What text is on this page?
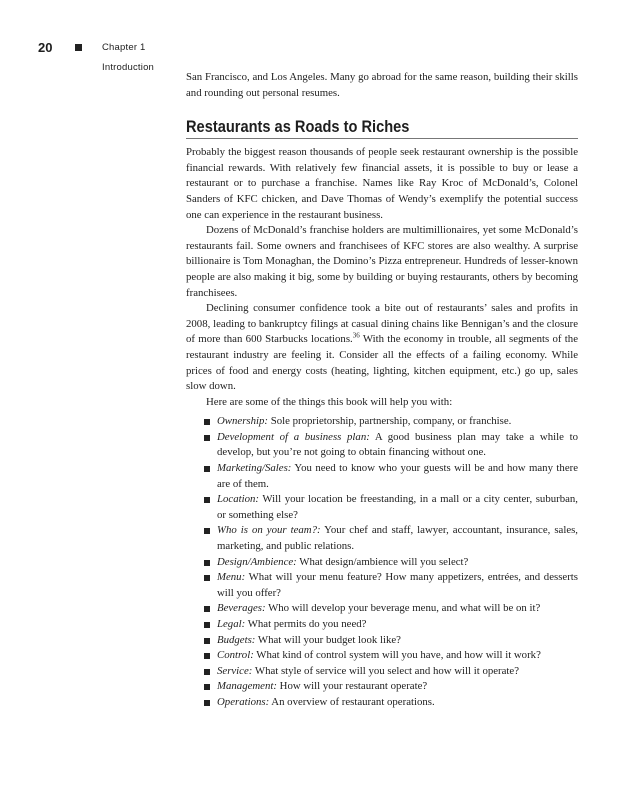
20	Chapter 1 Introduction

San Francisco, and Los Angeles. Many go abroad for the same reason, building their skills and rounding out personal resumes.

Restaurants as Roads to Riches

Probably the biggest reason thousands of people seek restaurant ownership is the possible financial rewards. With relatively few financial assets, it is possible to buy or lease a restaurant or to purchase a franchise. Names like Ray Kroc of McDonald’s, Colonel Sanders of KFC chicken, and Dave Thomas of Wendy’s exemplify the potential success one can experience in the restaurant business.

Dozens of McDonald’s franchise holders are multimillionaires, yet some McDonald’s restaurants fail. Some owners and franchisees of KFC stores are also wealthy. A surprise billionaire is Tom Monaghan, the Domino’s Pizza entrepreneur. Hundreds of lesser-known people are also making it big, some by building or buying restaurants, others by becoming franchisees.

Declining consumer confidence took a bite out of restaurants’ sales and profits in 2008, leading to bankruptcy filings at casual dining chains like Bennigan’s and the closure of more than 600 Starbucks locations.$^{36}$ With the economy in trouble, all segments of the restaurant industry are feeling it. Consider all the effects of a failing economy. While prices of food and energy costs (heating, lighting, kitchen equipment, etc.) go up, sales slow down.

Here are some of the things this book will help you with:

Ownership: Sole proprietorship, partnership, company, or franchise.
Development of a business plan: A good business plan may take a while to develop, but you’re not going to obtain financing without one.
Marketing/Sales: You need to know who your guests will be and how many there are of them.
Location: Will your location be freestanding, in a mall or a city center, suburban, or something else?
Who is on your team?: Your chef and staff, lawyer, accountant, insurance, sales, marketing, and public relations.
Design/Ambience: What design/ambience will you select?
Menu: What will your menu feature? How many appetizers, entrées, and desserts will you offer?
Beverages: Who will develop your beverage menu, and what will be on it?
Legal: What permits do you need?
Budgets: What will your budget look like?
Control: What kind of control system will you have, and how will it work?
Service: What style of service will you select and how will it operate?
Management: How will your restaurant operate?
Operations: An overview of restaurant operations.
